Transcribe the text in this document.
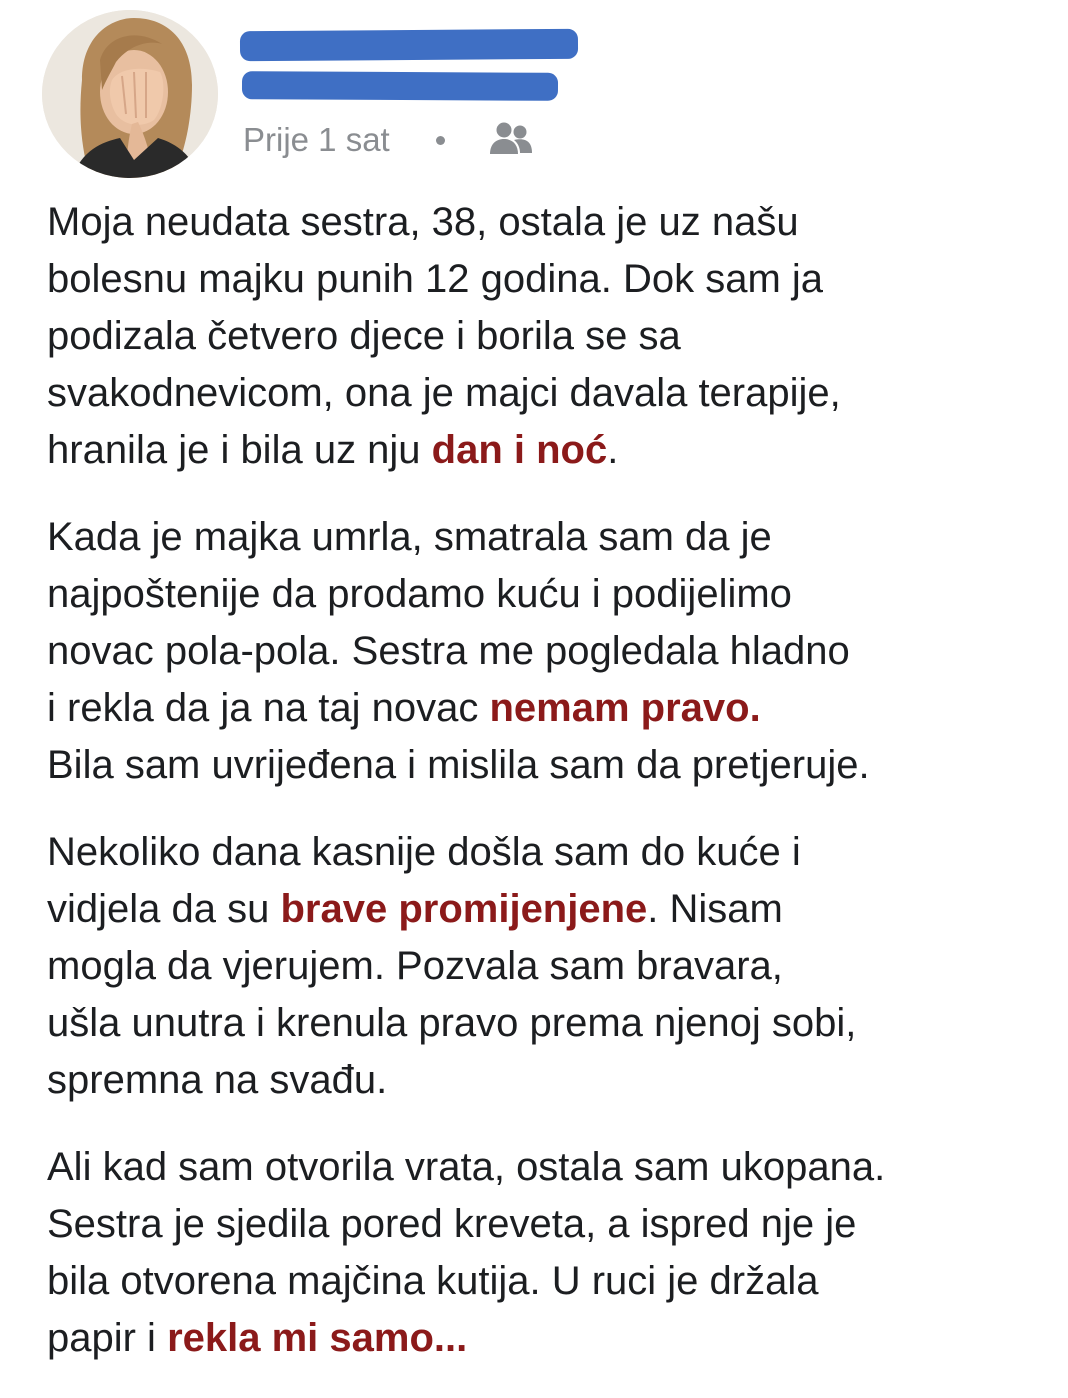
Prije 1 sat
Moja neudata sestra, 38, ostala je uz našu
bolesnu majku punih 12 godina. Dok sam ja
podizala četvero djece i borila se sa
svakodnevicom, ona je majci davala terapije,
hranila je i bila uz nju dan i noć.
Kada je majka umrla, smatrala sam da je
najpoštenije da prodamo kuću i podijelimo
novac pola-pola. Sestra me pogledala hladno
i rekla da ja na taj novac nemam pravo.
Bila sam uvrijeđena i mislila sam da pretjeruje.
Nekoliko dana kasnije došla sam do kuće i
vidjela da su brave promijenjene. Nisam
mogla da vjerujem. Pozvala sam bravara,
ušla unutra i krenula pravo prema njenoj sobi,
spremna na svađu.
Ali kad sam otvorila vrata, ostala sam ukopana.
Sestra je sjedila pored kreveta, a ispred nje je
bila otvorena majčina kutija. U ruci je držala
papir i rekla mi samo...
